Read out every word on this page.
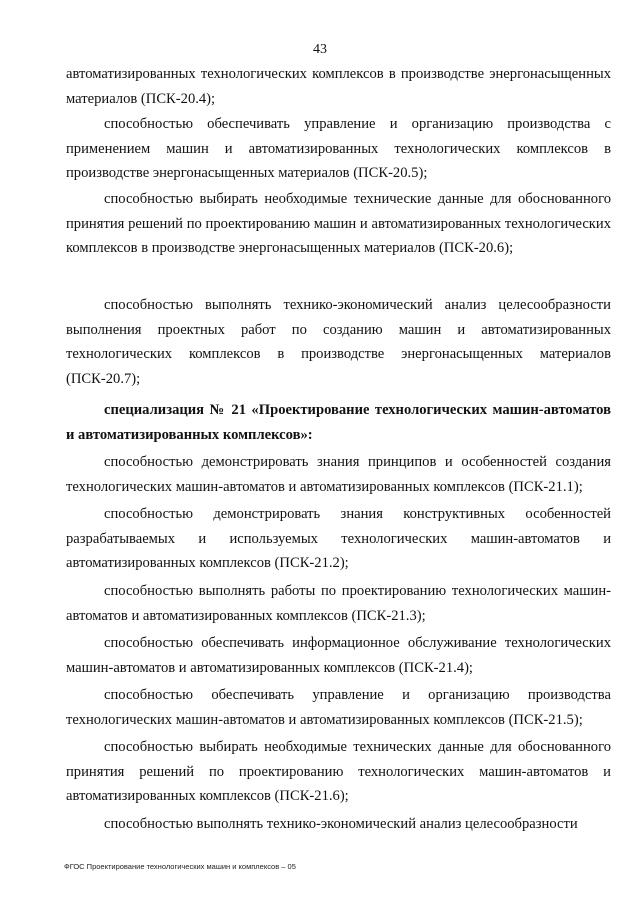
43
автоматизированных технологических комплексов в производстве энергонасыщенных материалов (ПСК-20.4);
способностью обеспечивать управление и организацию производства с применением машин и автоматизированных технологических комплексов в производстве энергонасыщенных материалов (ПСК-20.5);
способностью выбирать необходимые технические данные для обоснованного принятия решений по проектированию машин и автоматизированных технологических комплексов в производстве энергонасыщенных материалов (ПСК-20.6);
способностью выполнять технико-экономический анализ целесообразности выполнения проектных работ по созданию машин и автоматизированных технологических комплексов в производстве энергонасыщенных материалов (ПСК-20.7);
специализация № 21 «Проектирование технологических машин-автоматов и автоматизированных комплексов»:
способностью демонстрировать знания принципов и особенностей создания технологических машин-автоматов и автоматизированных комплексов (ПСК-21.1);
способностью демонстрировать знания конструктивных особенностей разрабатываемых и используемых технологических машин-автоматов и автоматизированных комплексов (ПСК-21.2);
способностью выполнять работы по проектированию технологических машин-автоматов и автоматизированных комплексов (ПСК-21.3);
способностью обеспечивать информационное обслуживание технологических машин-автоматов и автоматизированных комплексов (ПСК-21.4);
способностью обеспечивать управление и организацию производства технологических машин-автоматов и автоматизированных комплексов (ПСК-21.5);
способностью выбирать необходимые технических данные для обоснованного принятия решений по проектированию технологических машин-автоматов и автоматизированных комплексов (ПСК-21.6);
способностью выполнять технико-экономический анализ целесообразности
ФГОС Проектирование технологических машин и комплексов – 05
